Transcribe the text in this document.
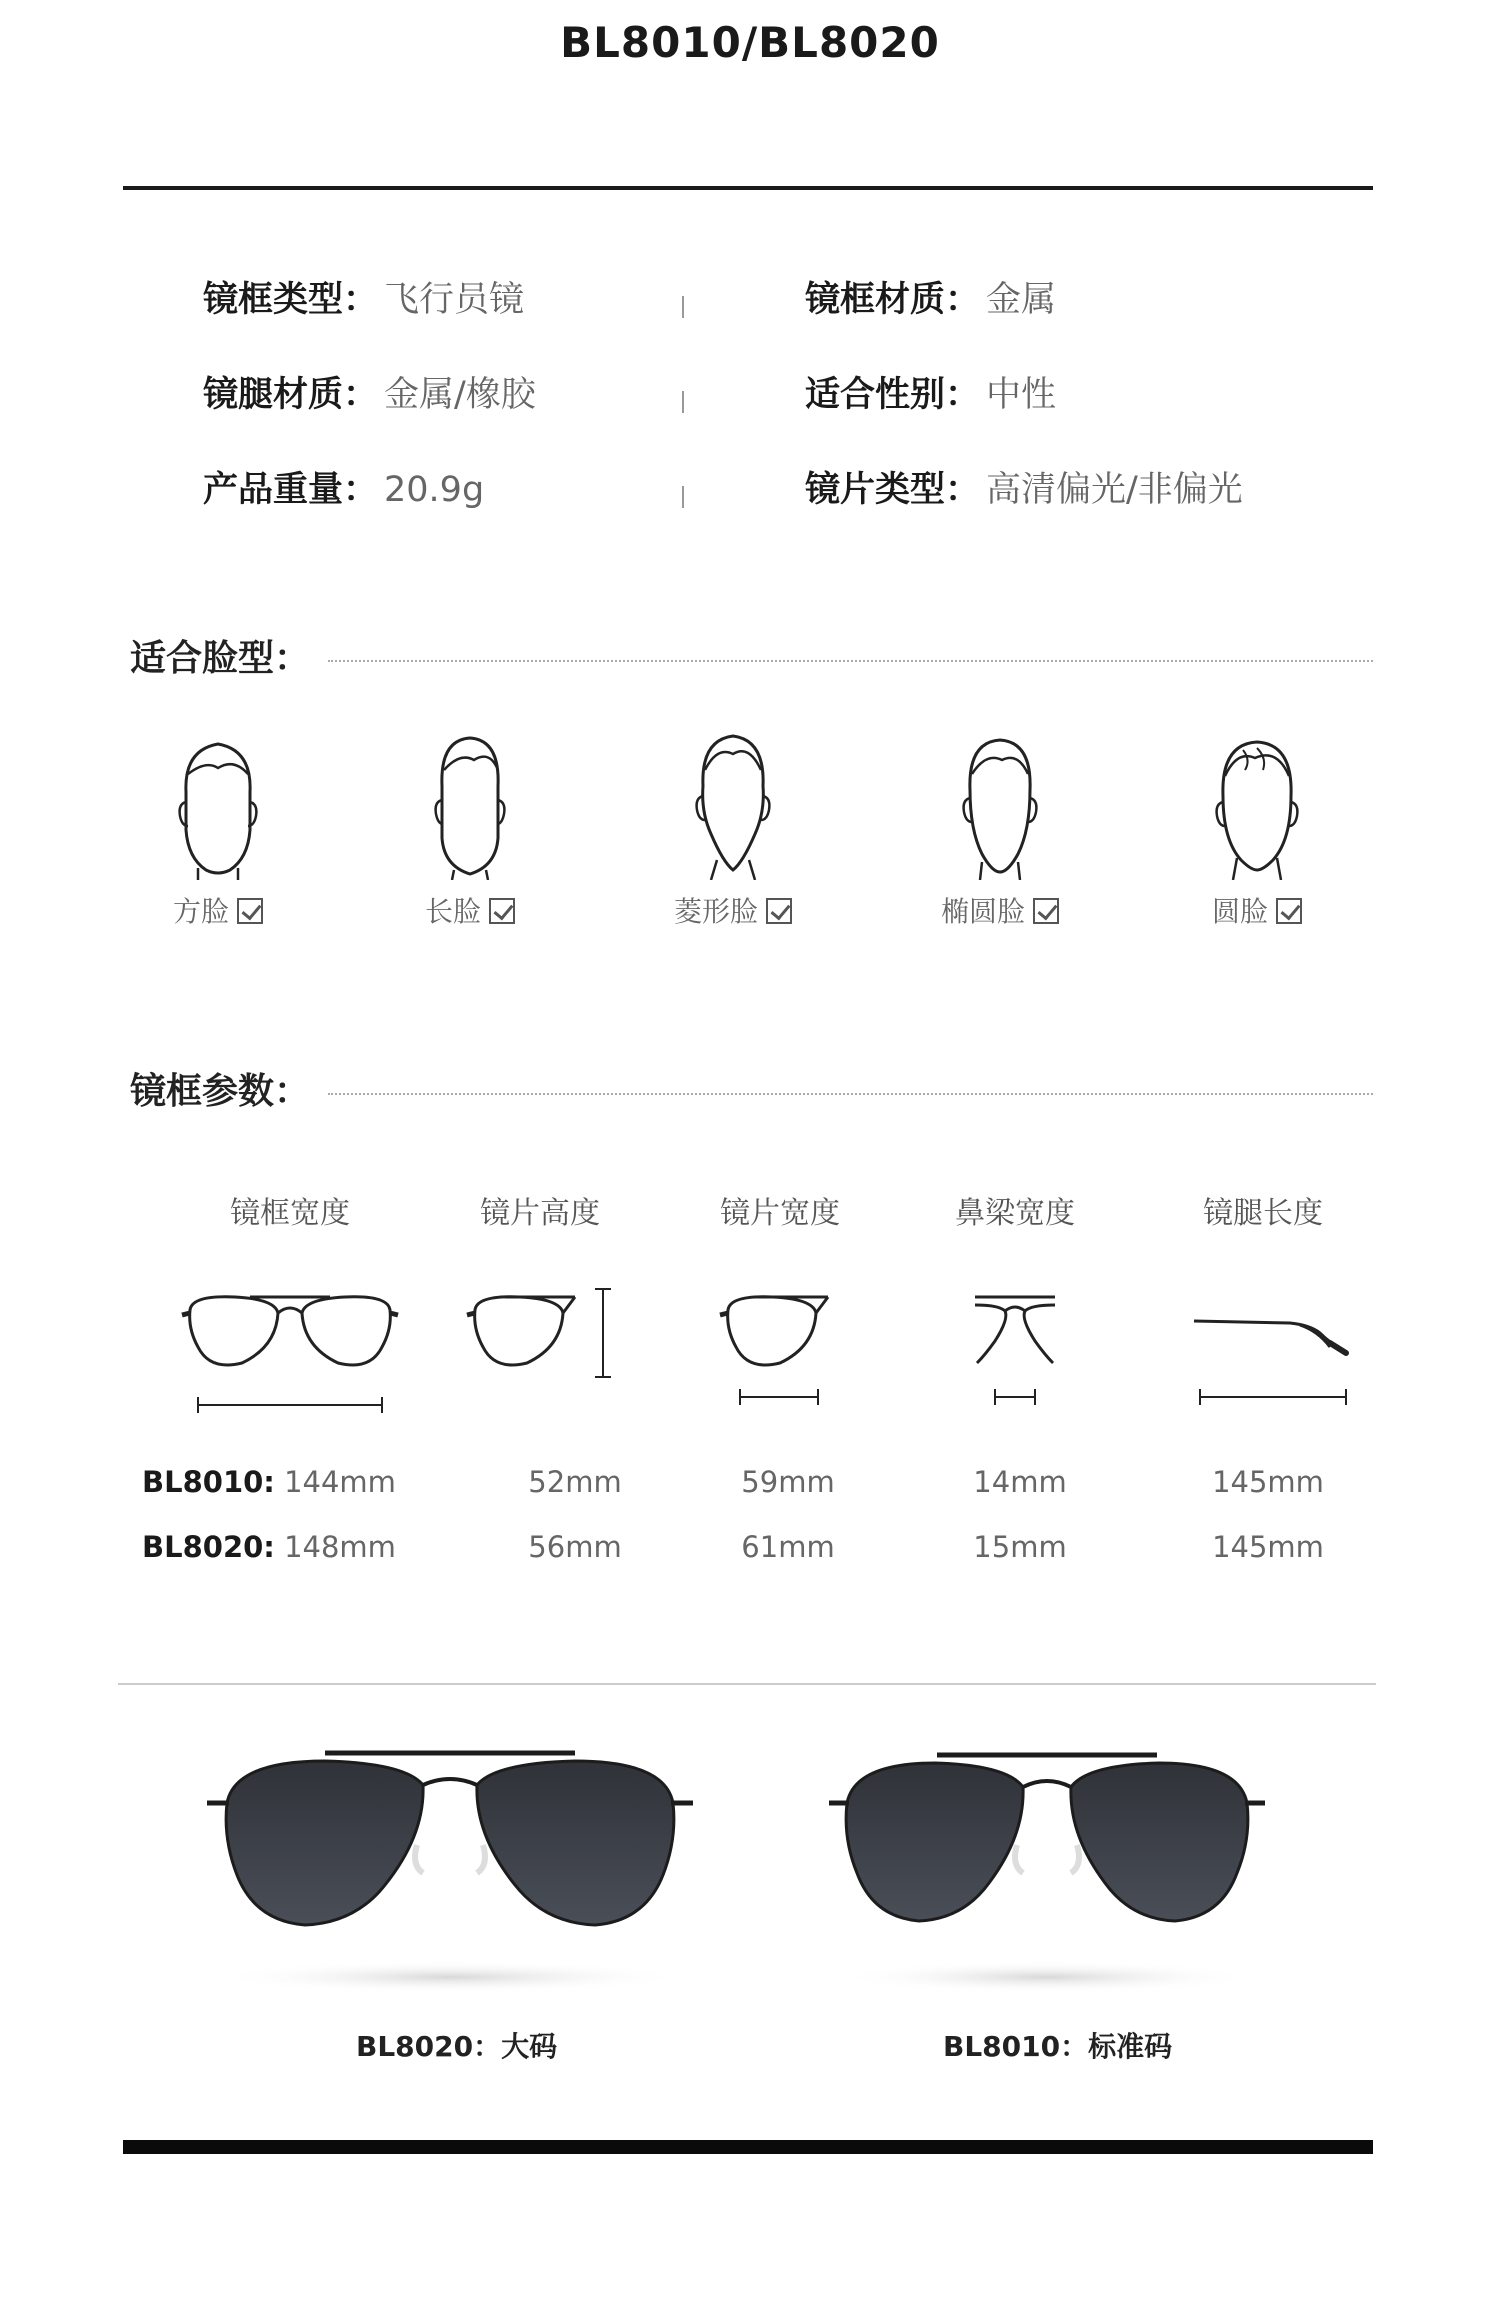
BL8010/BL8020
镜框类型： 飞行员镜	镜框材质： 金属
镜腿材质： 金属/橡胶	适合性别： 中性
产品重量： 20.9g	镜片类型： 高清偏光/非偏光
适合脸型：
方脸	长脸	菱形脸	椭圆脸	圆脸
镜框参数：
镜框宽度	镜片高度	镜片宽度	鼻梁宽度	镜腿长度
BL8010: 144mm	52mm	59mm	14mm	145mm
BL8020: 148mm	56mm	61mm	15mm	145mm
BL8020：大码	BL8010：标准码
